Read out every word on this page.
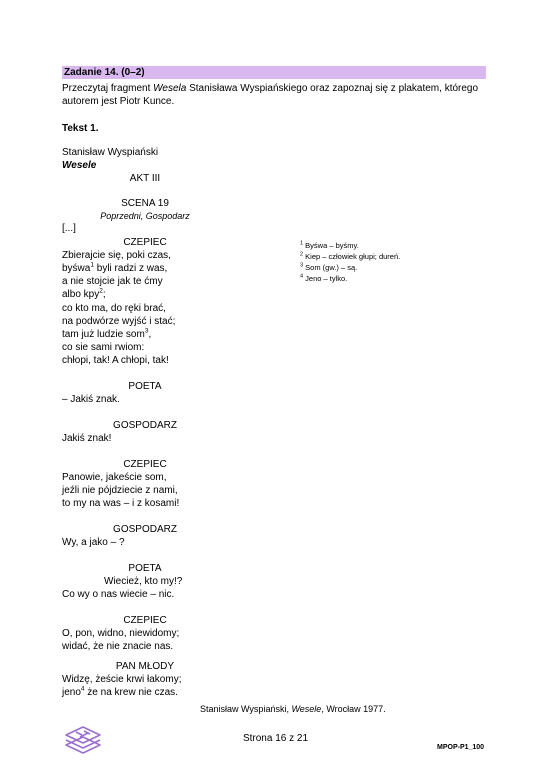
Zadanie 14. (0–2)
Przeczytaj fragment Wesela Stanisława Wyspiańskiego oraz zapoznaj się z plakatem, którego autorem jest Piotr Kunce.
Tekst 1.
Stanisław Wyspiański
Wesele
AKT III
SCENA 19
Poprzedni, Gospodarz
[...]
CZEPIEC
Zbierajcie się, poki czas,
byśwa$^1$ byli radzi z was,
a nie stojcie jak te ćmy
albo kpy$^2$;
co kto ma, do ręki brać,
na podwórze wyjść i stać;
tam już ludzie som$^3$,
co sie sami rwiom:
chłopi, tak! A chłopi, tak!
POETA
– Jakiś znak.
GOSPODARZ
Jakiś znak!
CZEPIEC
Panowie, jakeście som,
jeźli nie pójdziecie z nami,
to my na was – i z kosami!
GOSPODARZ
Wy, a jako – ?
POETA
Wiecież, kto my!?
Co wy o nas wiecie – nic.
CZEPIEC
O, pon, widno, niewidomy;
widać, że nie znacie nas.
PAN MŁODY
Widzę, żeście krwi łakomy;
jeno$^4$ że na krew nie czas.
$^1$ Byśwa – byśmy.
$^2$ Kiep – człowiek głupi; dureń.
$^3$ Som (gw.) – są.
$^4$ Jeno – tylko.
Stanisław Wyspiański, Wesele, Wrocław 1977.
Strona 16 z 21
MPOP-P1_100
